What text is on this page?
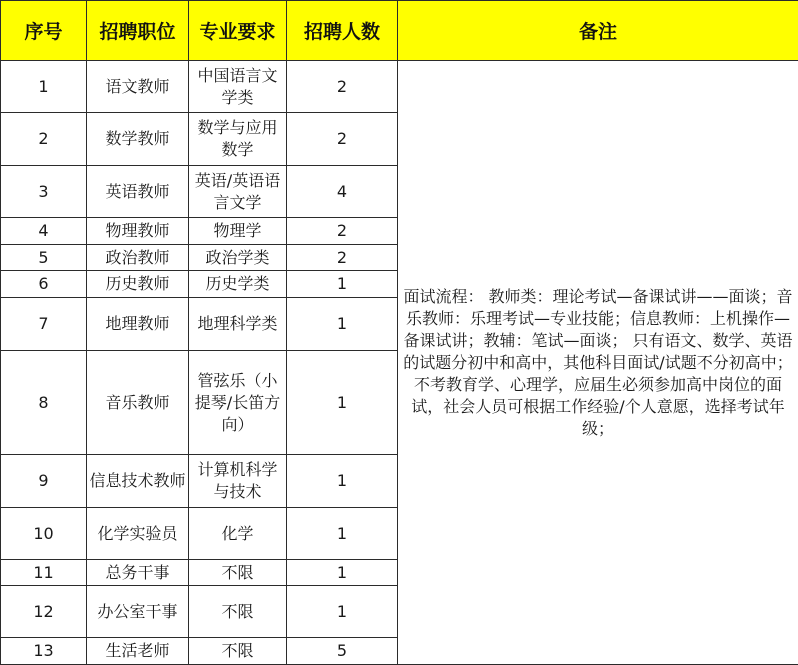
序号	招聘职位	专业要求	招聘人数	备注
1	语文教师	中国语言文学类	2	面试流程： 教师类：理论考试—备课试讲——面谈；音乐教师：乐理考试—专业技能；信息教师：上机操作—备课试讲；教辅：笔试—面谈； 只有语文、数学、英语的试题分初中和高中，其他科目面试/试题不分初高中；不考教育学、心理学，应届生必须参加高中岗位的面试，社会人员可根据工作经验/个人意愿，选择考试年级；
2	数学教师	数学与应用数学	2	
3	英语教师	英语/英语语言文学	4	
4	物理教师	物理学	2	
5	政治教师	政治学类	2	
6	历史教师	历史学类	1	
7	地理教师	地理科学类	1	
8	音乐教师	管弦乐（小提琴/长笛方向）	1	
9	信息技术教师	计算机科学与技术	1	
10	化学实验员	化学	1	
11	总务干事	不限	1	
12	办公室干事	不限	1	
13	生活老师	不限	5	
